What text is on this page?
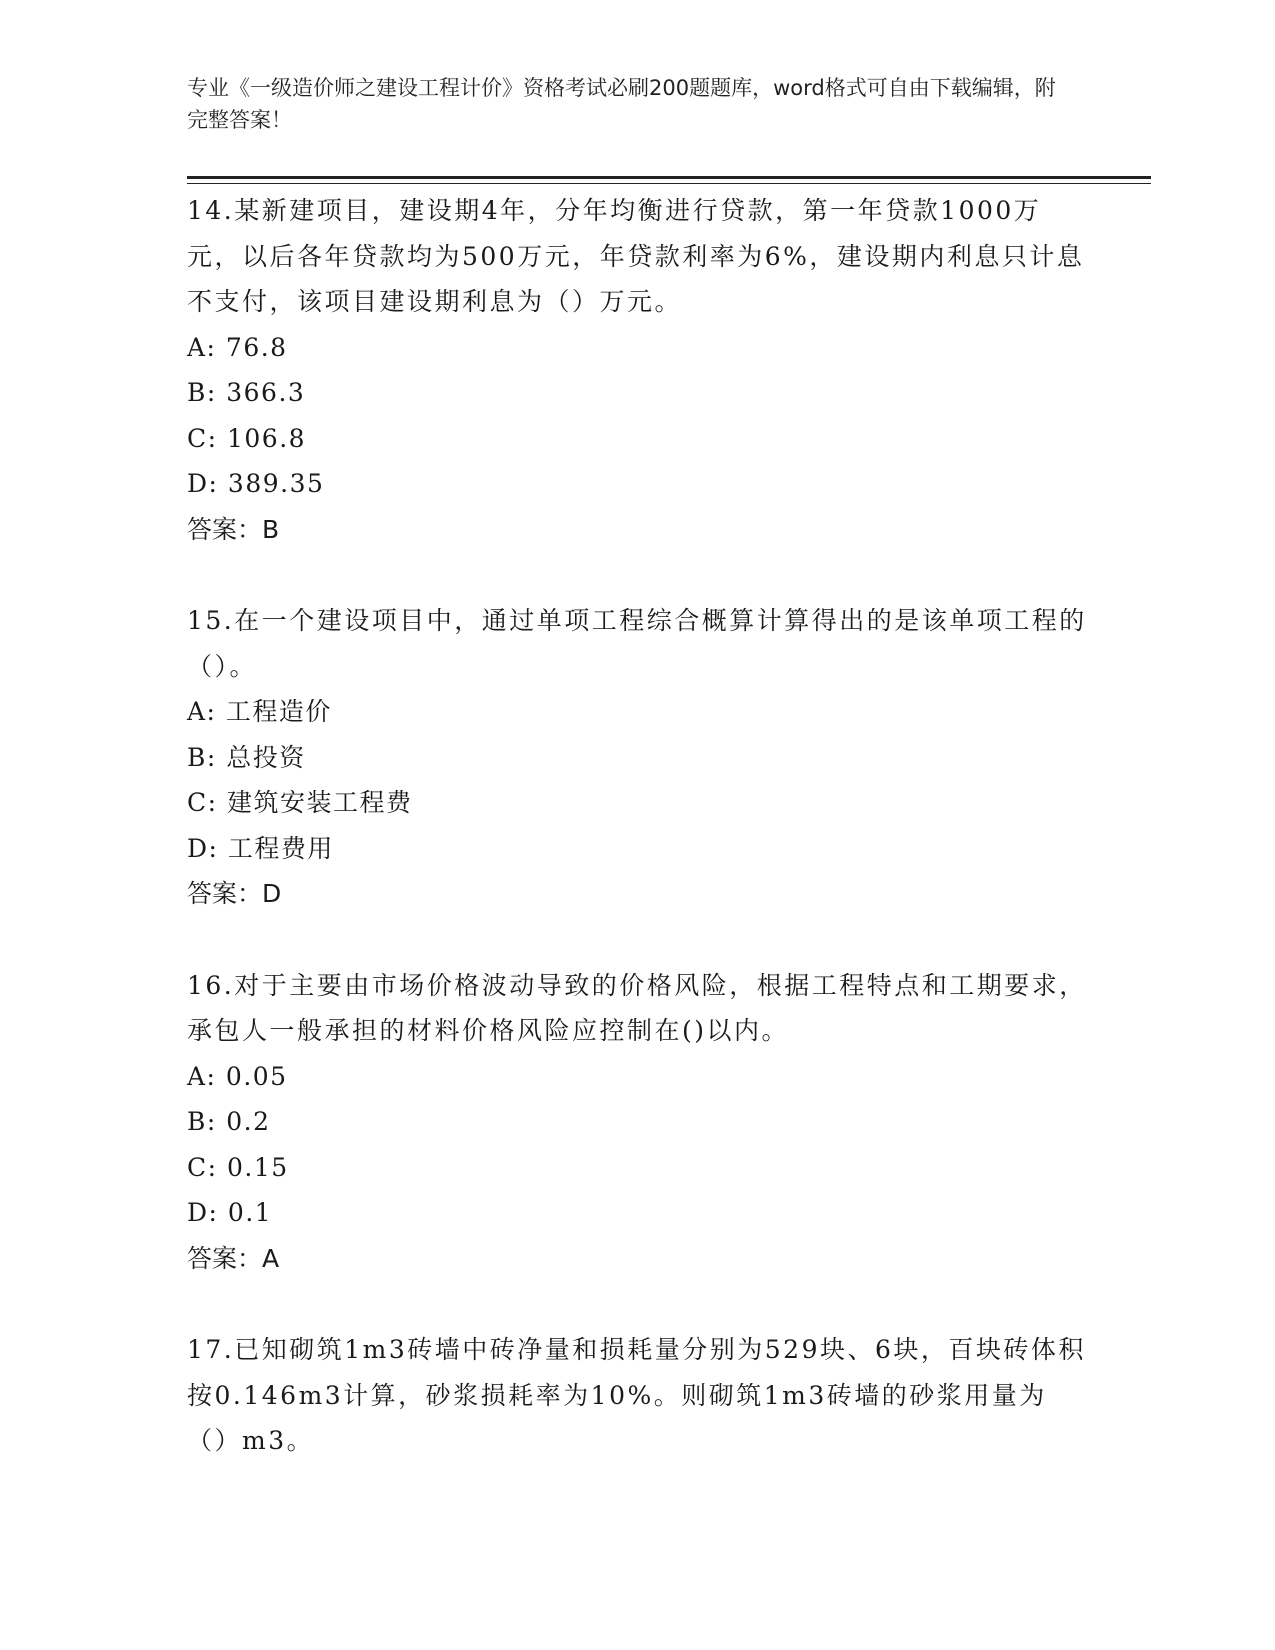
专业《一级造价师之建设工程计价》资格考试必刷200题题库，word格式可自由下载编辑，附完整答案！

14.某新建项目，建设期4年，分年均衡进行贷款，第一年贷款1000万元，以后各年贷款均为500万元，年贷款利率为6%，建设期内利息只计息不支付，该项目建设期利息为（）万元。

A: 76.8

B: 366.3

C: 106.8

D: 389.35

答案：B

15.在一个建设项目中，通过单项工程综合概算计算得出的是该单项工程的（）。

A: 工程造价

B: 总投资

C: 建筑安装工程费

D: 工程费用

答案：D

16.对于主要由市场价格波动导致的价格风险，根据工程特点和工期要求，承包人一般承担的材料价格风险应控制在()以内。

A: 0.05

B: 0.2

C: 0.15

D: 0.1

答案：A

17.已知砌筑1m3砖墙中砖净量和损耗量分别为529块、6块，百块砖体积按0.146m3计算，砂浆损耗率为10%。则砌筑1m3砖墙的砂浆用量为（）m3。
